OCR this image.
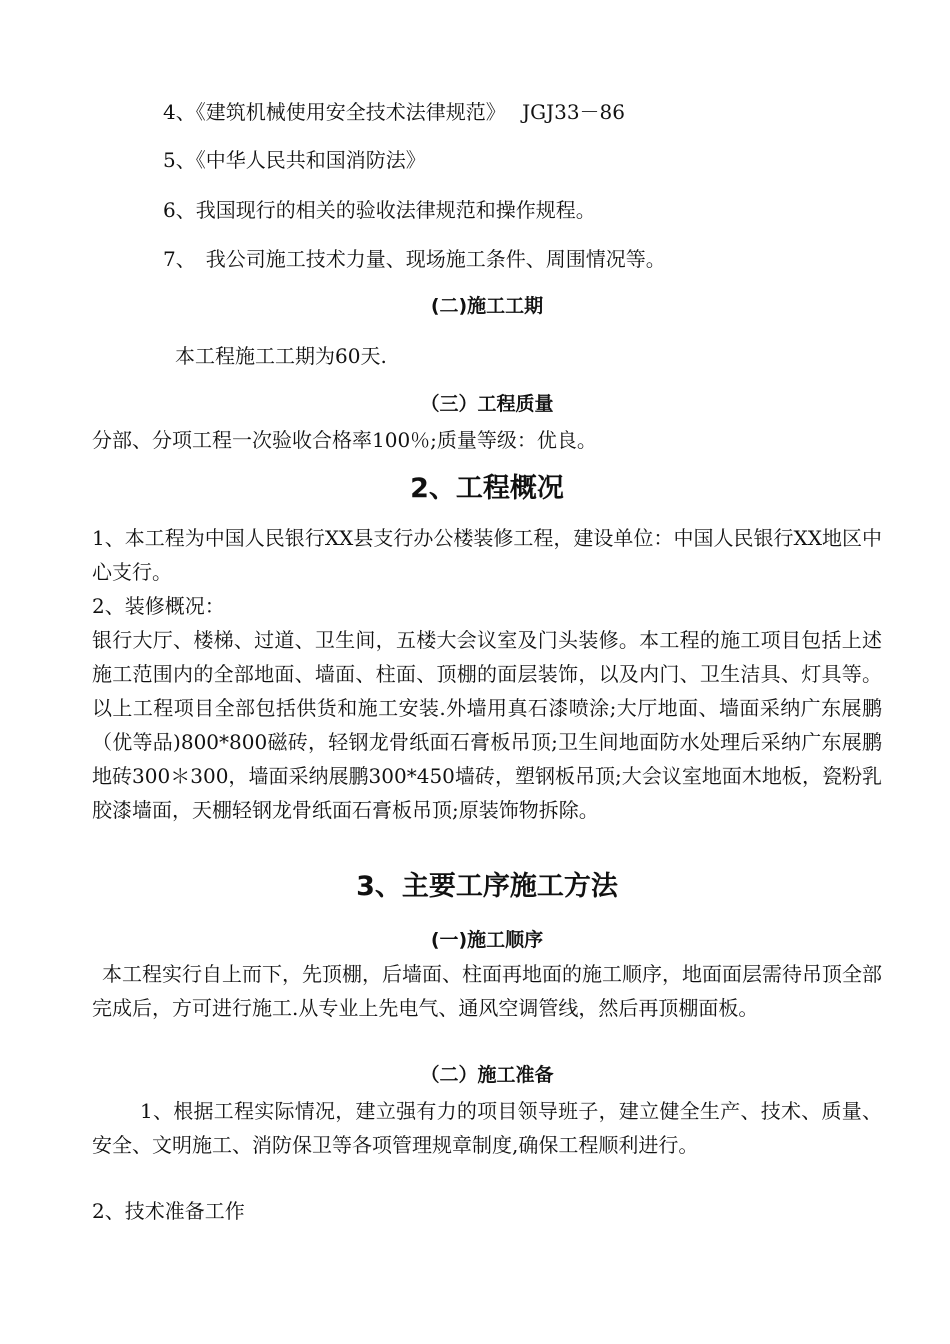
4、《建筑机械使用安全技术法律规范》　 JGJ33－86
5、《中华人民共和国消防法》
6、我国现行的相关的验收法律规范和操作规程。
7、　我公司施工技术力量、现场施工条件、周围情况等。
(二)施工工期
本工程施工工期为60天.
（三）工程质量
分部、分项工程一次验收合格率100％;质量等级：优良。
2、工程概况
1、本工程为中国人民银行XX县支行办公楼装修工程，建设单位：中国人民银行XX地区中心支行。
2、装修概况：
银行大厅、楼梯、过道、卫生间，五楼大会议室及门头装修。本工程的施工项目包括上述施工范围内的全部地面、墙面、柱面、顶棚的面层装饰，以及内门、卫生洁具、灯具等。以上工程项目全部包括供货和施工安装.外墙用真石漆喷涂;大厅地面、墙面采纳广东展鹏（优等品)800*800磁砖，轻钢龙骨纸面石膏板吊顶;卫生间地面防水处理后采纳广东展鹏地砖300＊300，墙面采纳展鹏300*450墙砖，塑钢板吊顶;大会议室地面木地板，瓷粉乳胶漆墙面，天棚轻钢龙骨纸面石膏板吊顶;原装饰物拆除。
3、主要工序施工方法
(一)施工顺序
本工程实行自上而下，先顶棚，后墙面、柱面再地面的施工顺序，地面面层需待吊顶全部完成后，方可进行施工.从专业上先电气、通风空调管线，然后再顶棚面板。
（二）施工准备
1、根据工程实际情况，建立强有力的项目领导班子，建立健全生产、技术、质量、安全、文明施工、消防保卫等各项管理规章制度,确保工程顺利进行。
2、技术准备工作
